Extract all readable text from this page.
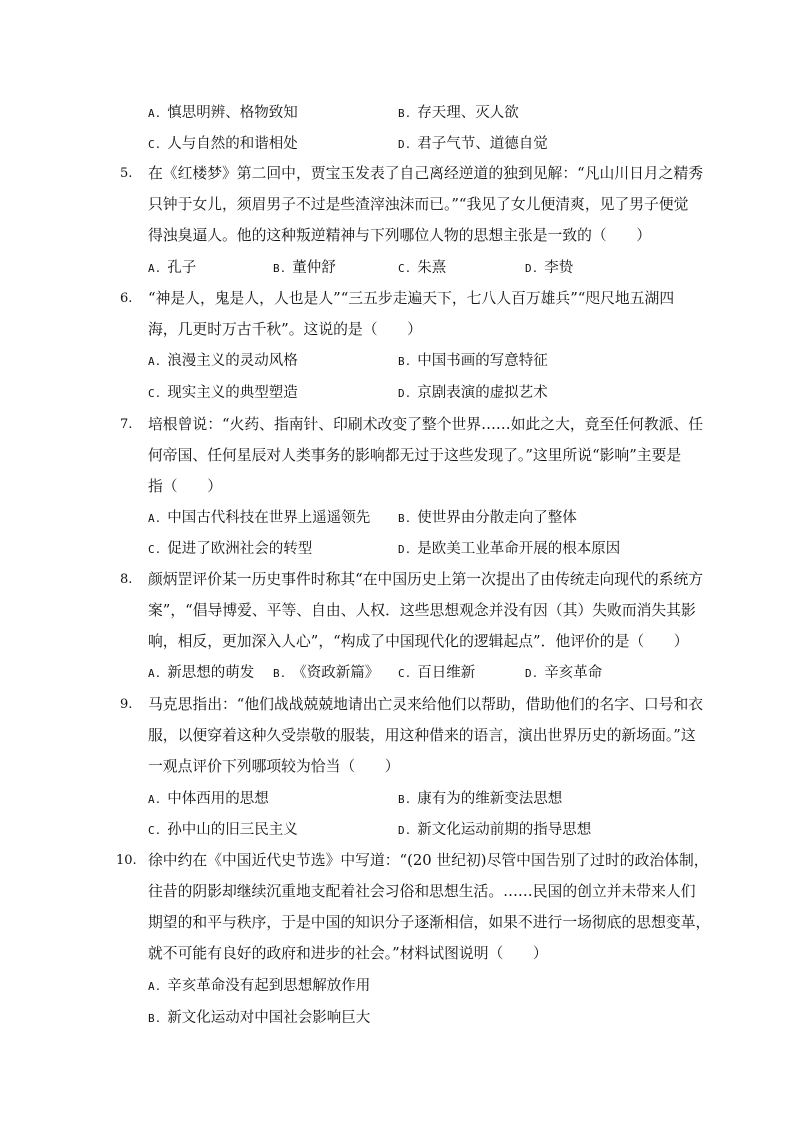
A. 慎思明辨、格物致知	B. 存天理、灭人欲
C. 人与自然的和谐相处	D. 君子气节、道德自觉
5. 在《红楼梦》第二回中，贾宝玉发表了自己离经逆道的独到见解：“凡山川日月之精秀
只钟于女儿，须眉男子不过是些渣滓浊沫而已。”“我见了女儿便清爽，见了男子便觉
得浊臭逼人。他的这种叛逆精神与下列哪位人物的思想主张是一致的（　　）
A. 孔子	B. 董仲舒	C. 朱熹	D. 李贽
6. “神是人，鬼是人，人也是人”“三五步走遍天下，七八人百万雄兵”“咫尺地五湖四
海，几更时万古千秋”。这说的是（　　）
A. 浪漫主义的灵动风格	B. 中国书画的写意特征
C. 现实主义的典型塑造	D. 京剧表演的虚拟艺术
7. 培根曾说：“火药、指南针、印刷术改变了整个世界……如此之大，竟至任何教派、任
何帝国、任何星辰对人类事务的影响都无过于这些发现了。”这里所说“影响”主要是
指（　　）
A. 中国古代科技在世界上遥遥领先	B. 使世界由分散走向了整体
C. 促进了欧洲社会的转型	D. 是欧美工业革命开展的根本原因
8. 颜炳罡评价某一历史事件时称其“在中国历史上第一次提出了由传统走向现代的系统方
案”，“倡导博爱、平等、自由、人权．这些思想观念并没有因（其）失败而消失其影
响，相反，更加深入人心”，“构成了中国现代化的逻辑起点”．他评价的是（　　）
A. 新思想的萌发 B. 《资政新篇》 C. 百日维新	D. 辛亥革命
9. 马克思指出：“他们战战兢兢地请出亡灵来给他们以帮助，借助他们的名字、口号和衣
服，以便穿着这种久受崇敬的服装，用这种借来的语言，演出世界历史的新场面。”这
一观点评价下列哪项较为恰当（　　）
A. 中体西用的思想	B. 康有为的维新变法思想
C. 孙中山的旧三民主义	D. 新文化运动前期的指导思想
10. 徐中约在《中国近代史节选》中写道：“(20 世纪初)尽管中国告别了过时的政治体制，
往昔的阴影却继续沉重地支配着社会习俗和思想生活。……民国的创立并未带来人们
期望的和平与秩序，于是中国的知识分子逐渐相信，如果不进行一场彻底的思想变革，
就不可能有良好的政府和进步的社会。”材料试图说明（　　）
A. 辛亥革命没有起到思想解放作用
B. 新文化运动对中国社会影响巨大
